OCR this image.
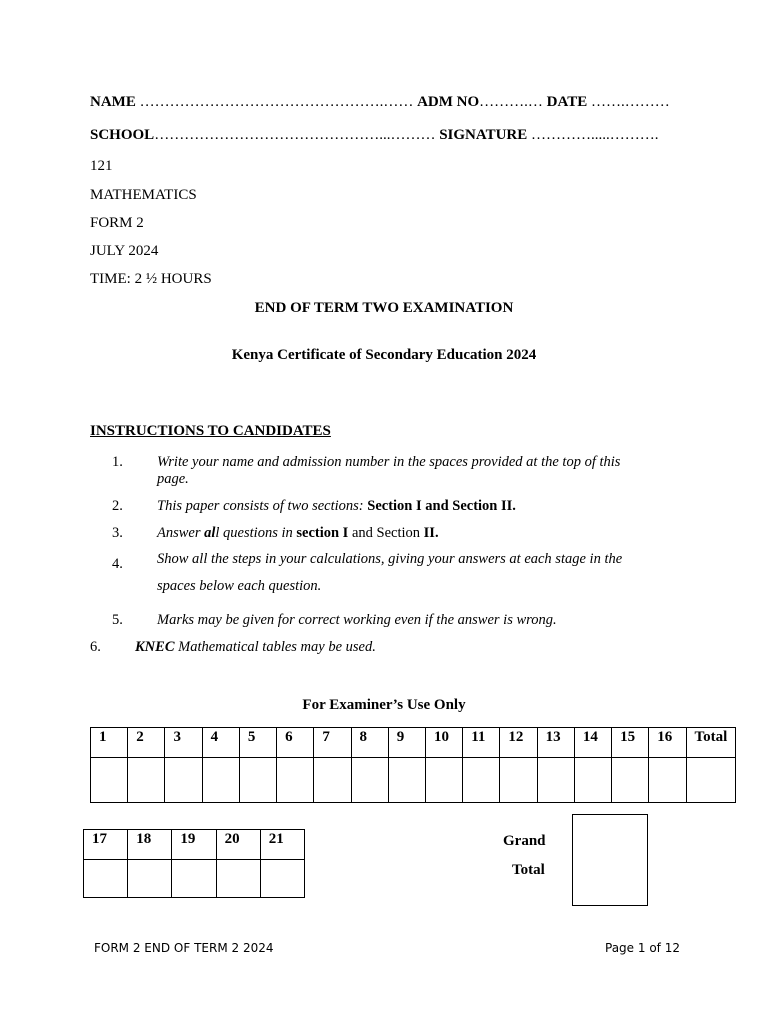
NAME ………………………………………….…… ADM NO……….… DATE …….………
SCHOOL………………………………………...……… SIGNATURE ………….....……….
121
MATHEMATICS
FORM 2
JULY 2024
TIME: 2 ½ HOURS
END OF TERM TWO EXAMINATION
Kenya Certificate of Secondary Education 2024
INSTRUCTIONS TO CANDIDATES
1. Write your name and admission number in the spaces provided at the top of this
page.
2. This paper consists of two sections: Section I and Section II.
3. Answer all questions in section I and Section II.
4. Show all the steps in your calculations, giving your answers at each stage in the
spaces below each question.
5. Marks may be given for correct working even if the answer is wrong.
6. KNEC Mathematical tables may be used.
For Examiner’s Use Only
1	2	3	4	5	6	7	8	9	10	11	12	13	14	15	16	Total

17	18	19	20	21

					Grand
Total
FORM 2 END OF TERM 2 2024	Page 1 of 12
